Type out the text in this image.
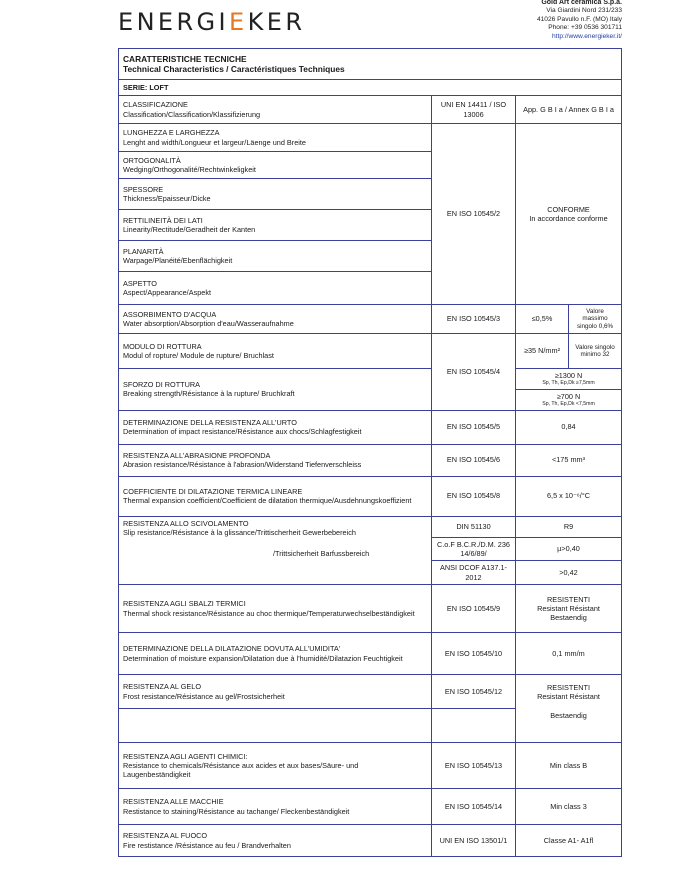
ENERGIEKER
Gold Art ceramica S.p.a.
Via Giardini Nord 231/233
41026 Pavullo n.F. (MO) Italy
Phone: +39 0536 301711
http://www.energieker.it/
CARATTERISTICHE TECNICHE
Technical Characteristics / Caractéristiques Techniques			

SERIE: LOFT			

CLASSIFICAZIONE
Classification/Classification/Klassifizierung	UNI EN 14411 / ISO 13006	App. G B I a / Annex G B I a	

LUNGHEZZA E LARGHEZZA
Lenght and width/Longueur et largeur/Läenge und Breite	EN ISO 10545/2	CONFORME
In accordance conforme	

ORTOGONALITÀ
Wedging/Orthogonalité/Rechtwinkeligkeit			

SPESSORE
Thickness/Epaisseur/Dicke			

RETTILINEITÀ DEI LATI
Linearity/Rectitude/Geradheit der Kanten			

PLANARITÀ
Warpage/Planéité/Ebenflächigkeit			

ASPETTO
Aspect/Appearance/Aspekt			

ASSORBIMENTO D'ACQUA
Water absorption/Absorption d'eau/Wasseraufnahme	EN ISO 10545/3	≤0,5%	Valore massimo singolo 0,6%

MODULO DI ROTTURA
Modul of ropture/ Module de rupture/ Bruchlast	EN ISO 10545/4	≥35 N/mm²	Valore singolo minimo 32

SFORZO DI ROTTURA
Breaking strength/Résistance à la rupture/ Bruchkraft		≥1300 N
Sp, Th, Ep,Dk ≥7,5mm	

		≥700 N
Sp, Th, Ep,Dk <7,5mm	

DETERMINAZIONE DELLA RESISTENZA ALL'URTO
Determination of impact resistance/Résistance aux chocs/Schlagfestigkeit	EN ISO 10545/5	0,84	

RESISTENZA ALL'ABRASIONE PROFONDA
Abrasion resistance/Résistance à l'abrasion/Widerstand Tiefenverschleiss	EN ISO 10545/6	<175 mm³	

COEFFICIENTE DI DILATAZIONE TERMICA LINEARE
Thermal expansion coefficient/Coefficient de dilatation thermique/Ausdehnungskoeffizient	EN ISO 10545/8	6,5 x 10⁻⁶/°C	

RESISTENZA ALLO SCIVOLAMENTO
Slip resistance/Résistance à la glissance/Trittischerheit Gewerbebereich
/Trittsicherheit Barfussbereich	DIN 51130	R9	
	C.o.F B.C.R./D.M. 236 14/6/89/	µ>0,40	
	ANSI DCOF A137.1-2012	>0,42	

RESISTENZA AGLI SBALZI TERMICI
Thermal shock resistance/Résistance au choc thermique/Temperaturwechselbeständigkeit	EN ISO 10545/9	RESISTENTI Resistant Résistant Bestaendig	

DETERMINAZIONE DELLA DILATAZIONE DOVUTA ALL'UMIDITA'
Determination of moisture expansion/Dilatation due à l'humidité/Dilatazion Feuchtigkeit	EN ISO 10545/10	0,1 mm/m	

RESISTENZA AL GELO
Frost resistance/Résistance au gel/Frostsicherheit	EN ISO 10545/12	RESISTENTI Resistant Résistant	
		Bestaendig	

RESISTENZA AGLI AGENTI CHIMICI:
Resistance to chemicals/Résistance aux acides et aux bases/Säure- und Laugenbeständigkeit	EN ISO 10545/13	Min class B	

RESISTENZA ALLE MACCHIE
Restistance to staining/Résistance au tachange/ Fleckenbeständigkeit	EN ISO 10545/14	Min class 3	

RESISTENZA AL FUOCO
Fire restistance /Résistance au feu / Brandverhalten	UNI EN ISO 13501/1	Classe A1- A1fl	
